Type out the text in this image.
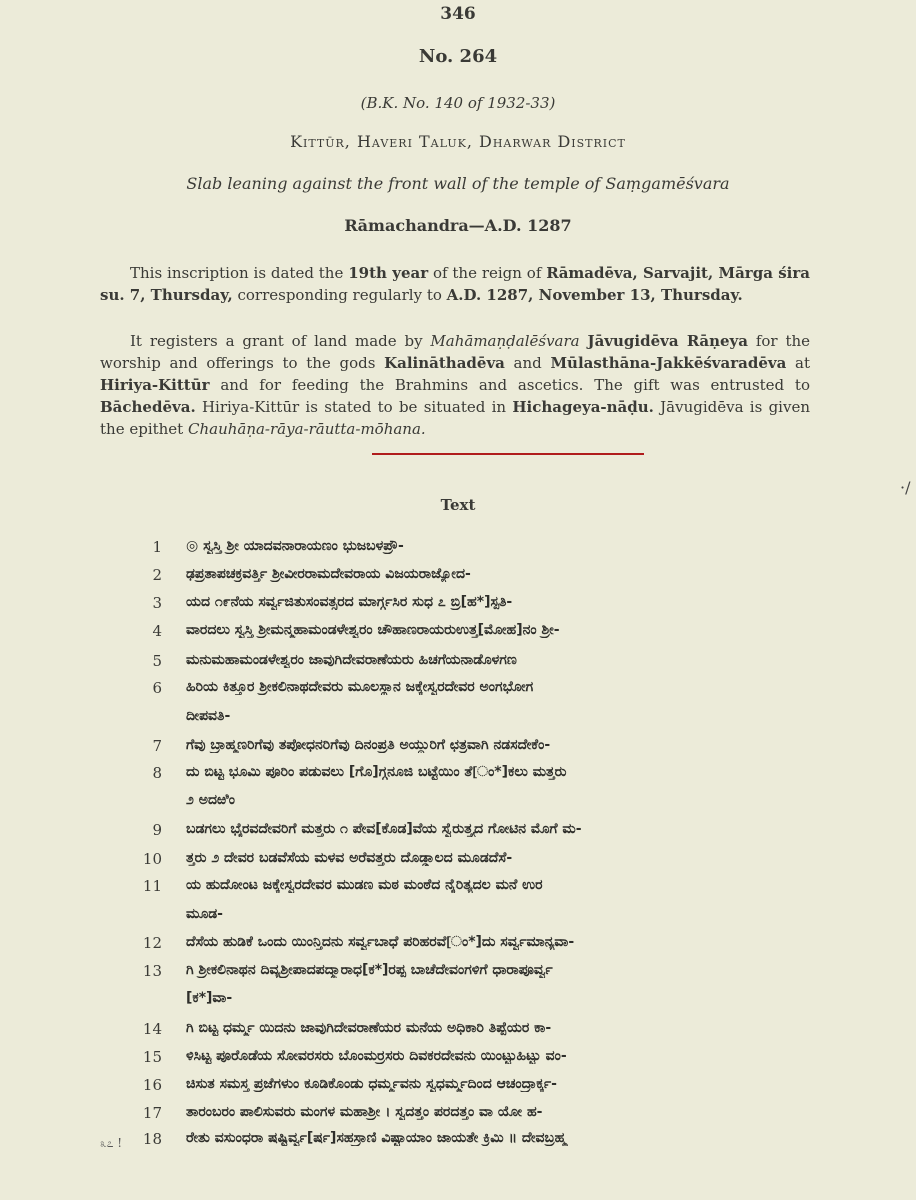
346
No. 264
(B.K. No. 140 of 1932-33)
Kittūr, Haveri Taluk, Dharwar District
Slab leaning against the front wall of the temple of Saṃgamēśvara
Rāmachandra—A.D. 1287
This inscription is dated the 19th year of the reign of Rāmadēva, Sarvajit, Mārga śira su. 7, Thursday, corresponding regularly to A.D. 1287, November 13, Thursday.
It registers a grant of land made by Mahāmaṇḍalēśvara Jāvugidēva Rāṇeya for the worship and offerings to the gods Kalināthadēva and Mūlasthāna-Jakkēśvaradēva at Hiriya-Kittūr and for feeding the Brahmins and ascetics. The gift was entrusted to Bāchedēva. Hiriya-Kittūr is stated to be situated in Hichageya-nāḍu. Jāvugidēva is given the epithet Chauhāṇa-rāya-rāutta-mōhana.
Text
1 ◎ ಸ್ವಸ್ತಿ ಶ್ರೀ ಯಾದವನಾರಾಯಣಂ ಭುಜಬಳಪ್ರೌ-
2 ಢಪ್ರತಾಪಚಕ್ರವರ್ತ್ತಿ ಶ್ರೀವೀರರಾಮದೇವರಾಯ ವಿಜಯರಾಜ್ಯೋದ-
3 ಯದ ೧೯ನೆಯ ಸರ್ವ್ವಜಿತುಸಂವತ್ಸರದ ಮಾರ್ಗ್ಗಸಿರ ಸುಧ ೭ ಬ್ರಿ[ಹ*]ಸ್ಪತಿ-
4 ವಾರದಲು ಸ್ವಸ್ತಿ ಶ್ರೀಮನ್ಮಹಾಮಂಡಳೇಶ್ವರಂ ಚೌಹಾಣರಾಯರುಉತ್ತ[ಮೋಹ]ನಂ ಶ್ರೀ-
5 ಮನುಮಹಾಮಂಡಳೇಶ್ವರಂ ಜಾವುಗಿದೇವರಾಣೆಯರು ಹಿಚಗೆಯನಾಡೊಳಗಣ
6 ಹಿರಿಯ ಕಿತ್ತೂರ ಶ್ರೀಕಲಿನಾಥದೇವರು ಮೂಲಸ್ಥಾನ ಜಕ್ಕೇಸ್ವರದೇವರ ಅಂಗಭೋಗ
ದೀಪವತಿ-
7 ಗೆವು ಬ್ರಾಹ್ಮಣರಿಗೆವು ತಪೋಧನರಿಗೆವು ದಿನಂಪ್ರತಿ ಅಯ್ದುರಿಗೆ ಛತ್ರವಾಗಿ ನಡಸದೇಕೆಂ-
8 ದು ಬಿಟ್ಟ ಭೂಮಿ ಪೂರಿಂ ಪಡುವಲು [ಗೊ]ಗ್ಗನೂಜಿ ಬಟ್ಟೆಯಿಂ ತೆ[ಂ*]ಕಲು ಮತ್ತರು
೨ ಅದಱಿಂ
9 ಬಡಗಲು ಭೈರವದೇವರಿಗೆ ಮತ್ತರು ೧ ಪೇವ[ಕೊಡ]ವೆಯ ಸ್ವೆರುತ್ತ್ಯದ ಗೋಟಿನ ಮೊಗೆ ಮ-
10 ತ್ತರು ೨ ದೇವರ ಬಡವೆಸೆಯ ಮಳವ ಅರೆವತ್ತರು ದೊಡ್ಡಾಲದ ಮೂಡದೆಸೆ-
11 ಯ ಹುದೋಂಟ ಜಕ್ಕೇಸ್ವರದೇವರ ಮುಡಣ ಮಠ ಮಂಠೆದ ನೈರಿತ್ಯದಲ ಮನೆ ಉರ
ಮೂಡ-
12 ದೆಸೆಯ ಹುಡಿಕೆ ಒಂದು ಯಿಂನ್ತಿದನು ಸರ್ವ್ವಬಾಧೆ ಪರಿಹರವೆ[ಂ*]ದು ಸರ್ವ್ವಮಾನ್ಯವಾ-
13 ಗಿ ಶ್ರೀಕಲಿನಾಥನ ದಿವ್ಯಶ್ರೀಪಾದಪದ್ಮಾರಾಧ[ಕ*]ರಪ್ಪ ಬಾಚೆದೇವಂಗಳಿಗೆ ಧಾರಾಪೂರ್ವ್ವ
[ಕ*]ವಾ-
14 ಗಿ ಬಿಟ್ಟ ಧರ್ಮ್ಮ ಯಿದನು ಜಾವುಗಿದೇವರಾಣೆಯರ ಮನೆಯ ಅಧಿಕಾರಿ ತಿಪ್ಪೆಯರ ಕಾ-
15 ಳಿಸಿಟ್ಟ ಪೂರೊಡೆಯ ಸೋವರಸರು ಬೊಂಮರ್ರಸರು ದಿವಕರದೇವನು ಯಿಂಟ್ಟುಹಿಟ್ಟು ವಂ-
16 ಚಿಸುತ ಸಮಸ್ತ ಪ್ರಜೆಗಳುಂ ಕೂಡಿಕೊಂಡು ಧರ್ಮ್ಮವನು ಸ್ವಧರ್ಮ್ಮದಿಂದ ಆಚಂದ್ರಾರ್ಕ್ಕ-
17 ತಾರಂಬರಂ ಪಾಲಿಸುವರು ಮಂಗಳ ಮಹಾಶ್ರೀ । ಸ್ವದತ್ತಂ ಪರದತ್ತಂ ವಾ ಯೋ ಹ-
18 ರೇತು ವಸುಂಧರಾ ಷಷ್ಟಿರ್ವ್ವ[ರ್ಷ]ಸಹಸ್ರಾಣಿ ವಿಷ್ಟಾಯಾಂ ಜಾಯತೇ ಕ್ರಿಮಿ ॥ ದೇವಬ್ರಹ್ಮ
೩೭ !
·/
